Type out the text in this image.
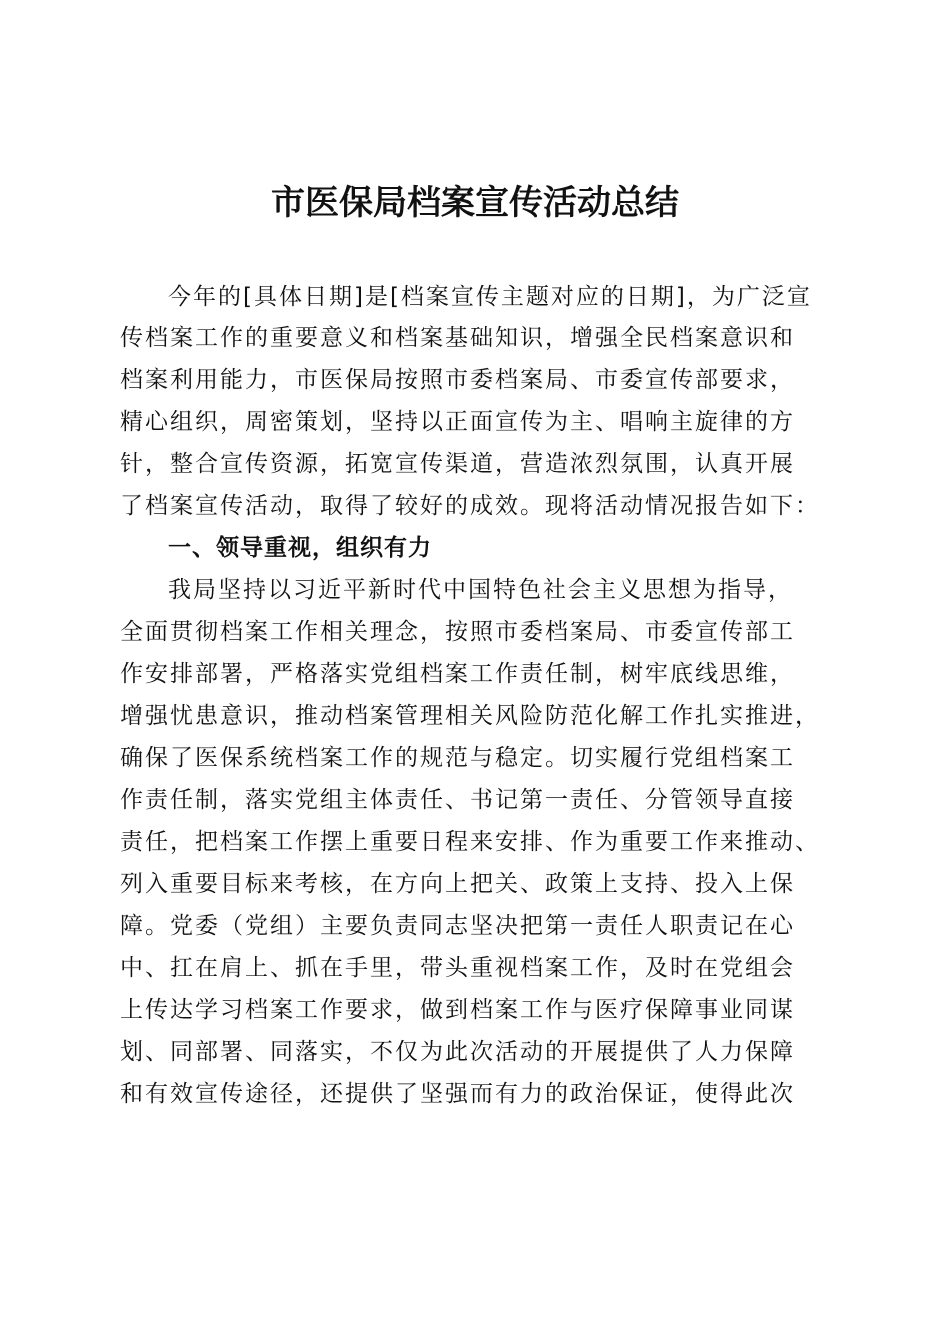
市医保局档案宣传活动总结
今年的[具体日期]是[档案宣传主题对应的日期]，为广泛宣
传档案工作的重要意义和档案基础知识，增强全民档案意识和
档案利用能力，市医保局按照市委档案局、市委宣传部要求，
精心组织，周密策划，坚持以正面宣传为主、唱响主旋律的方
针，整合宣传资源，拓宽宣传渠道，营造浓烈氛围，认真开展
了档案宣传活动，取得了较好的成效。现将活动情况报告如下：
一、领导重视，组织有力
我局坚持以习近平新时代中国特色社会主义思想为指导，
全面贯彻档案工作相关理念，按照市委档案局、市委宣传部工
作安排部署，严格落实党组档案工作责任制，树牢底线思维，
增强忧患意识，推动档案管理相关风险防范化解工作扎实推进，
确保了医保系统档案工作的规范与稳定。切实履行党组档案工
作责任制，落实党组主体责任、书记第一责任、分管领导直接
责任，把档案工作摆上重要日程来安排、作为重要工作来推动、
列入重要目标来考核，在方向上把关、政策上支持、投入上保
障。党委（党组）主要负责同志坚决把第一责任人职责记在心
中、扛在肩上、抓在手里，带头重视档案工作，及时在党组会
上传达学习档案工作要求，做到档案工作与医疗保障事业同谋
划、同部署、同落实，不仅为此次活动的开展提供了人力保障
和有效宣传途径，还提供了坚强而有力的政治保证，使得此次
